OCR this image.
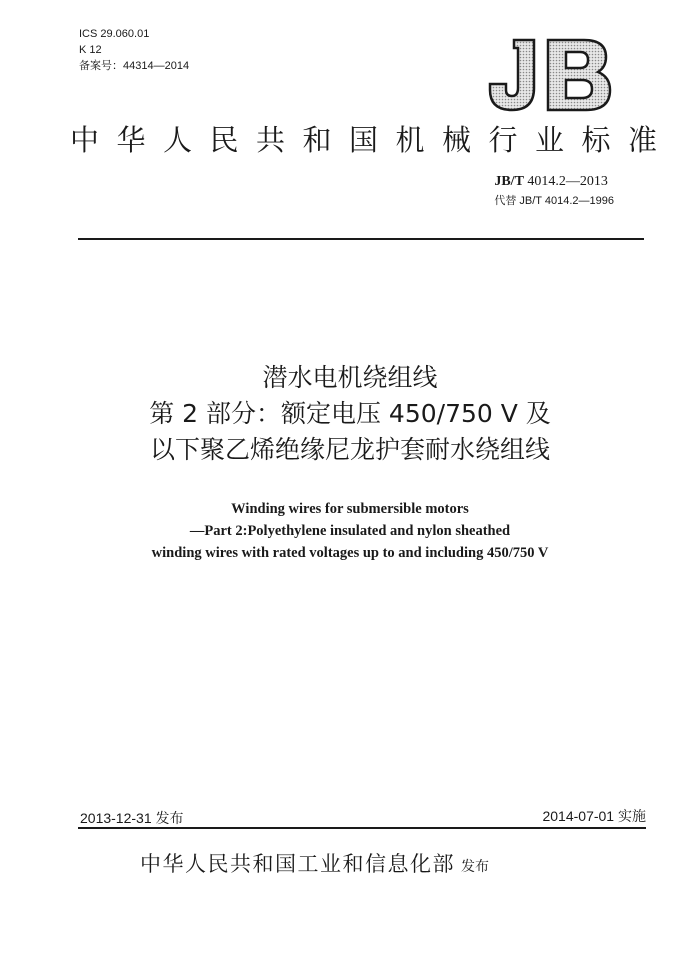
ICS 29.060.01
K 12
备案号：44314—2014
中华人民共和国机械行业标准
JB/T 4014.2—2013
代替 JB/T 4014.2—1996
潜水电机绕组线
第 2 部分：额定电压 450/750 V 及
以下聚乙烯绝缘尼龙护套耐水绕组线
Winding wires for submersible motors
—Part 2:Polyethylene insulated and nylon sheathed
winding wires with rated voltages up to and including 450/750 V
2013-12-31 发布	2014-07-01 实施
中华人民共和国工业和信息化部 发布
